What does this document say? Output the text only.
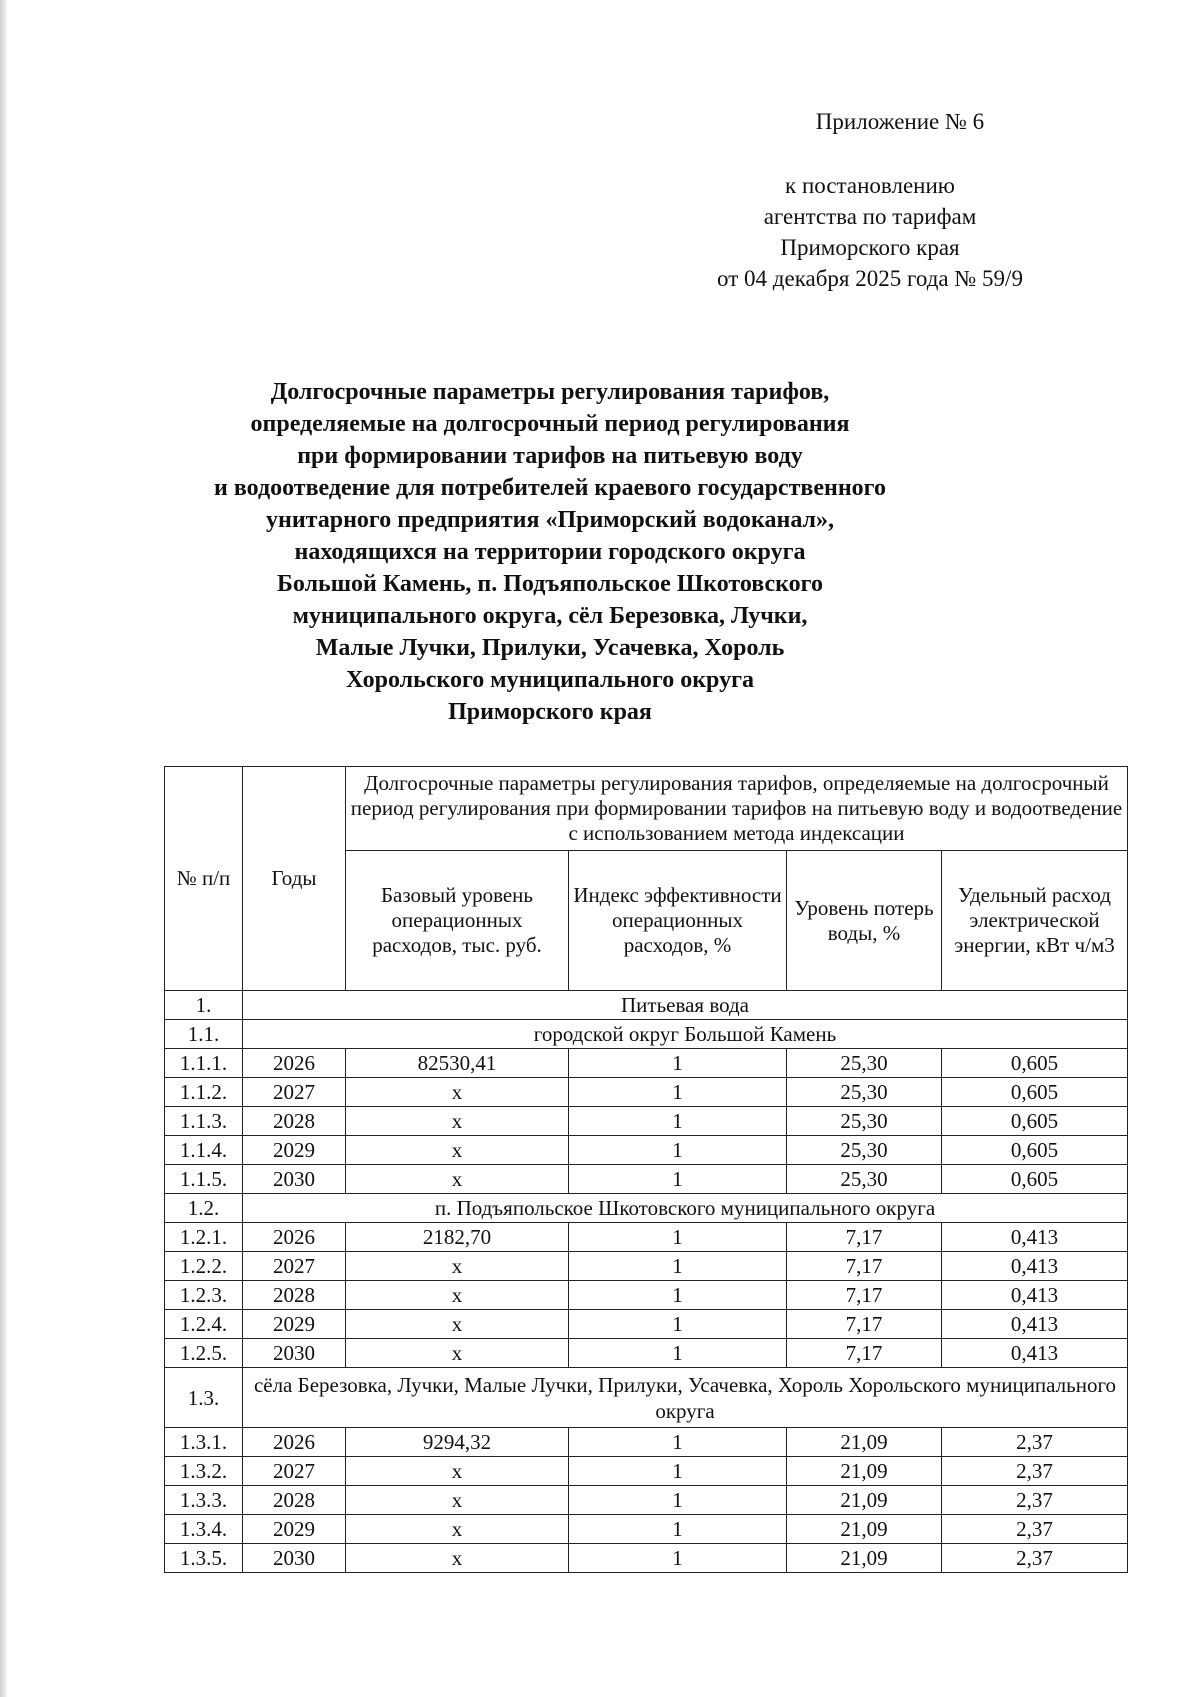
Приложение № 6
к постановлению
агентства по тарифам
Приморского края
от 04 декабря 2025 года № 59/9
Долгосрочные параметры регулирования тарифов,
определяемые на долгосрочный период регулирования
при формировании тарифов на питьевую воду
и водоотведение для потребителей краевого государственного
унитарного предприятия «Приморский водоканал»,
находящихся на территории городского округа
Большой Камень, п. Подъяпольское Шкотовского
муниципального округа, сёл Березовка, Лучки,
Малые Лучки, Прилуки, Усачевка, Хороль
Хорольского муниципального округа
Приморского края
№ п/п	Годы	Долгосрочные параметры регулирования тарифов, определяемые на долгосрочный период регулирования при формировании тарифов на питьевую воду и водоотведение с использованием метода индексации			
		Базовый уровень операционных расходов, тыс. руб.	Индекс эффективности операционных расходов, %	Уровень потерь воды, %	Удельный расход электрической энергии, кВт ч/м3
1.	Питьевая вода				
1.1.	городской округ Большой Камень				
1.1.1.	2026	82530,41	1	25,30	0,605
1.1.2.	2027	x	1	25,30	0,605
1.1.3.	2028	x	1	25,30	0,605
1.1.4.	2029	x	1	25,30	0,605
1.1.5.	2030	x	1	25,30	0,605
1.2.	п. Подъяпольское Шкотовского муниципального округа				
1.2.1.	2026	2182,70	1	7,17	0,413
1.2.2.	2027	x	1	7,17	0,413
1.2.3.	2028	x	1	7,17	0,413
1.2.4.	2029	x	1	7,17	0,413
1.2.5.	2030	x	1	7,17	0,413
1.3.	сёла Березовка, Лучки, Малые Лучки, Прилуки, Усачевка, Хороль Хорольского муниципального округа				
1.3.1.	2026	9294,32	1	21,09	2,37
1.3.2.	2027	x	1	21,09	2,37
1.3.3.	2028	x	1	21,09	2,37
1.3.4.	2029	x	1	21,09	2,37
1.3.5.	2030	x	1	21,09	2,37
